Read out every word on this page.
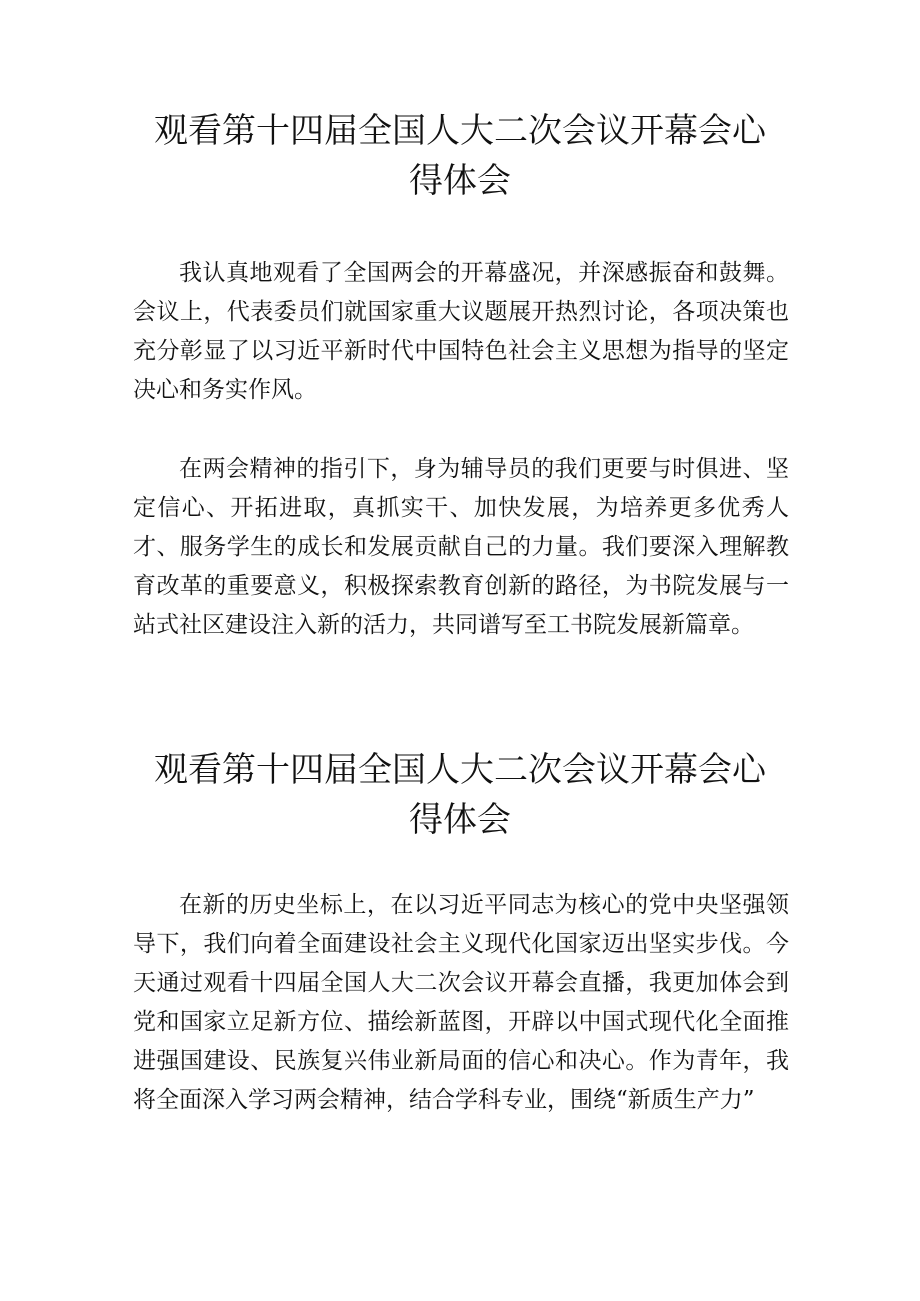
观看第十四届全国人大二次会议开幕会心
得体会

我认真地观看了全国两会的开幕盛况，并深感振奋和鼓舞。会议上，代表委员们就国家重大议题展开热烈讨论，各项决策也充分彰显了以习近平新时代中国特色社会主义思想为指导的坚定决心和务实作风。

在两会精神的指引下，身为辅导员的我们更要与时俱进、坚定信心、开拓进取，真抓实干、加快发展，为培养更多优秀人才、服务学生的成长和发展贡献自己的力量。我们要深入理解教育改革的重要意义，积极探索教育创新的路径，为书院发展与一站式社区建设注入新的活力，共同谱写至工书院发展新篇章。

观看第十四届全国人大二次会议开幕会心
得体会

在新的历史坐标上，在以习近平同志为核心的党中央坚强领导下，我们向着全面建设社会主义现代化国家迈出坚实步伐。今天通过观看十四届全国人大二次会议开幕会直播，我更加体会到党和国家立足新方位、描绘新蓝图，开辟以中国式现代化全面推进强国建设、民族复兴伟业新局面的信心和决心。作为青年，我将全面深入学习两会精神，结合学科专业，围绕“新质生产力”
